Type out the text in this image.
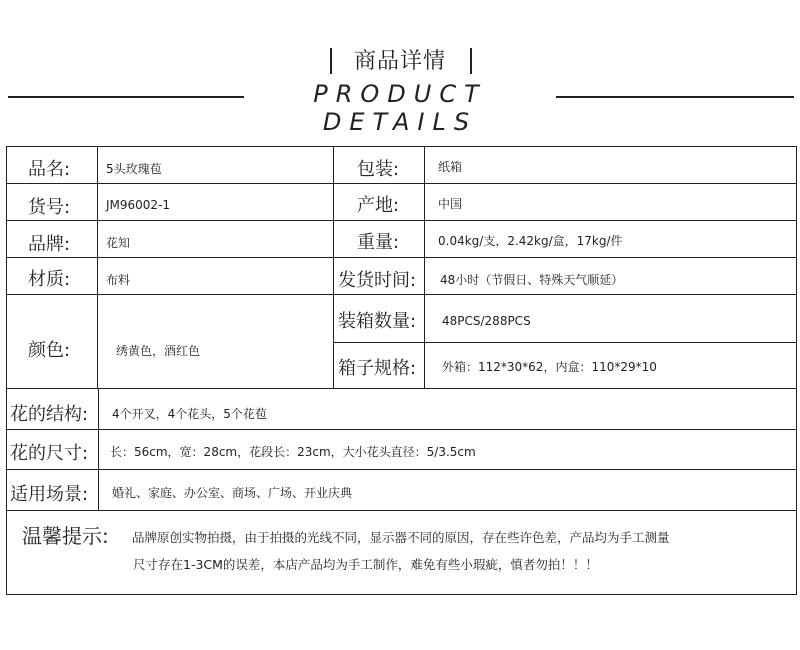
商品详情
PRODUCT DETAILS
品名:	5头玫瑰苞	包装:	纸箱
货号:	JM96002-1	产地:	中国
品牌:	花知	重量:	0.04kg/支，2.42kg/盒，17kg/件
材质:	布料	发货时间: 48小时（节假日、特殊天气顺延）
颜色:	绣黄色，酒红色
装箱数量: 48PCS/288PCS
箱子规格: 外箱：112*30*62，内盒：110*29*10
花的结构: 4个开叉，4个花头，5个花苞
花的尺寸: 长：56cm，宽：28cm，花段长：23cm，大小花头直径：5/3.5cm
适用场景: 婚礼、家庭、办公室、商场、广场、开业庆典
温馨提示: 品牌原创实物拍摄，由于拍摄的光线不同，显示器不同的原因，存在些许色差，产品均为手工测量
尺寸存在1-3CM的误差，本店产品均为手工制作，难免有些小瑕疵，慎者勿拍！！！
